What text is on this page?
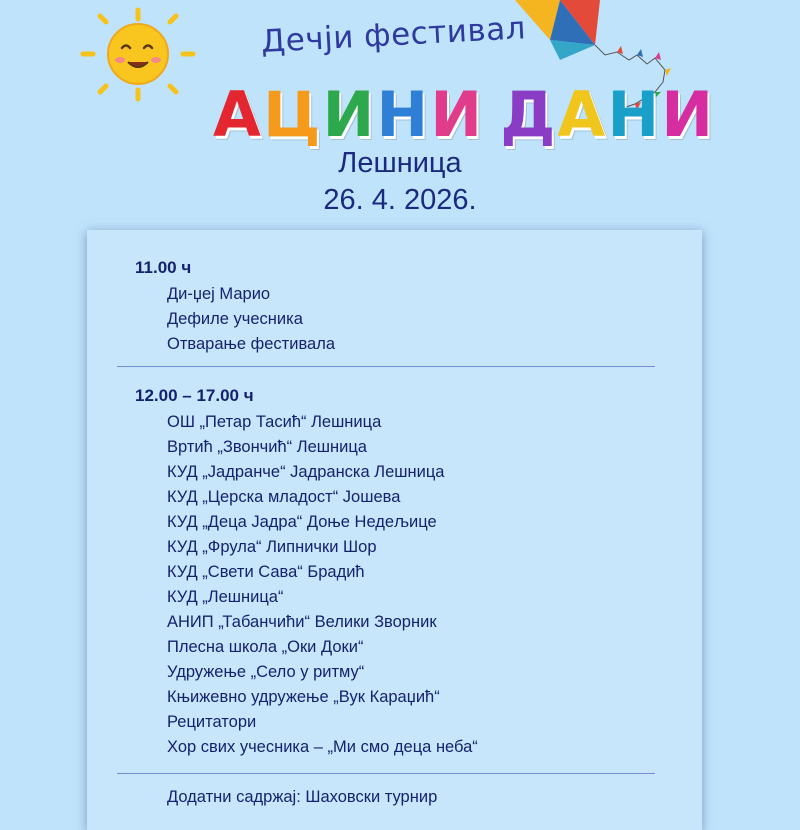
Дечји фестивал
АЦИНИ ДАНИ
Лешница
26. 4. 2026.
11.00 ч
Ди-џеј Марио
Дефиле учесника
Отварање фестивала
12.00 – 17.00 ч
ОШ „Петар Тасић“ Лешница
Вртић „Звончић“ Лешница
КУД „Јадранче“ Јадранска Лешница
КУД „Церска младост“ Јошева
КУД „Деца Јадра“ Доње Недељице
КУД „Фрула“ Липнички Шор
КУД „Свети Сава“ Брадић
КУД „Лешница“
АНИП „Табанчићи“ Велики Зворник
Плесна школа „Оки Доки“
Удружење „Село у ритму“
Књижевно удружење „Вук Караџић“
Рецитатори
Хор свих учесника – „Ми смо деца неба“
Додатни садржај: Шаховски турнир
